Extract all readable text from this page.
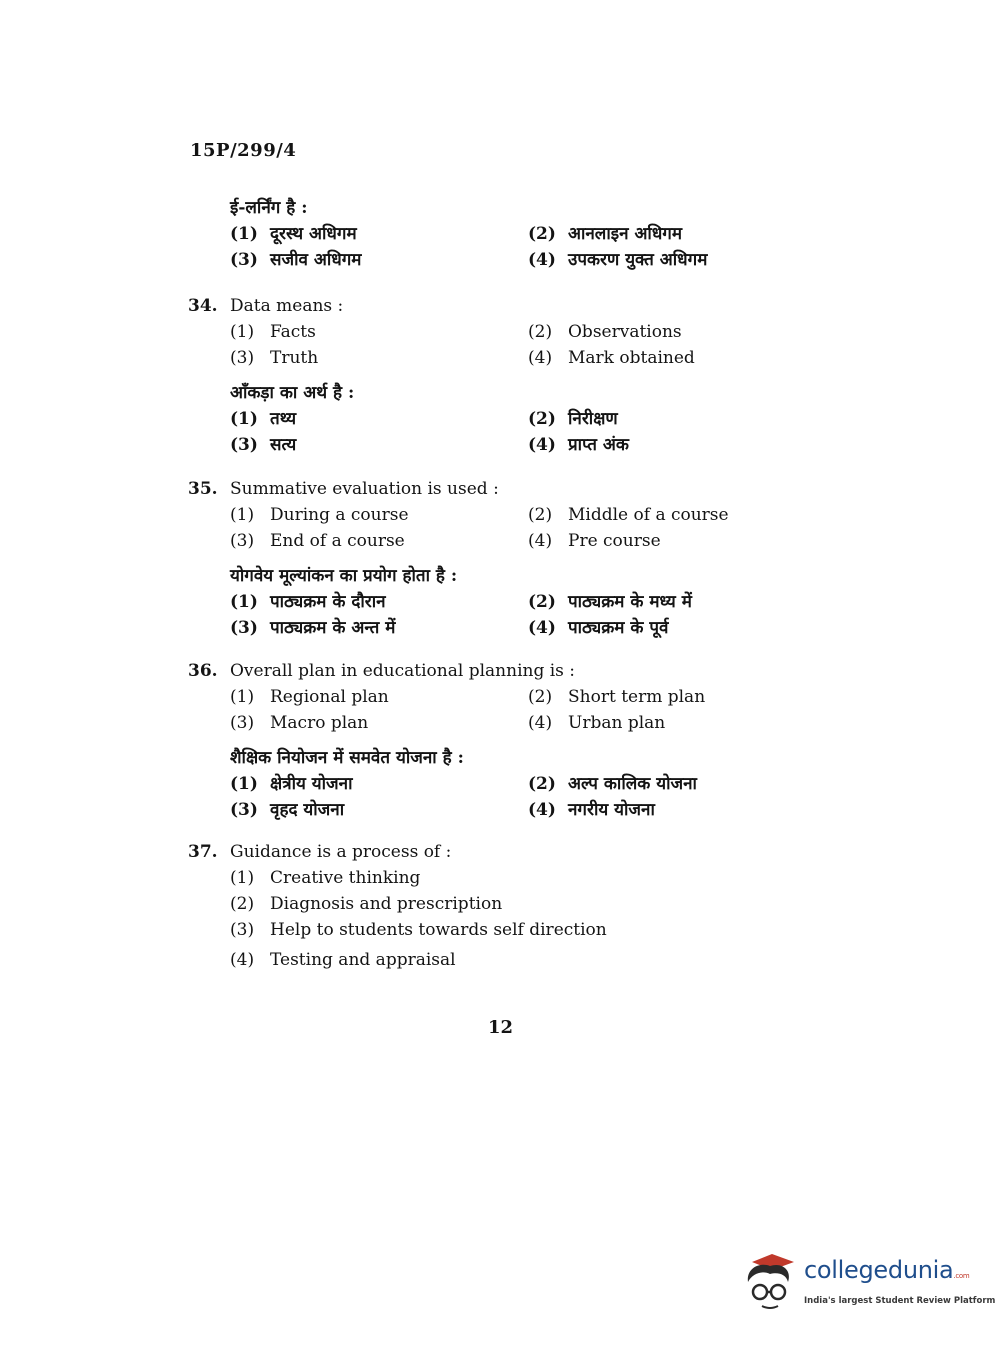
15P/299/4
ई-लर्निंग है :
(1) दूरस्थ अधिगम	(2) आनलाइन अधिगम
(3) सजीव अधिगम	(4) उपकरण युक्त अधिगम
34. Data means :
(1) Facts	(2) Observations
(3) Truth	(4) Mark obtained
आँकड़ा का अर्थ है :
(1) तथ्य	(2) निरीक्षण
(3) सत्य	(4) प्राप्त अंक
35. Summative evaluation is used :
(1) During a course	(2) Middle of a course
(3) End of a course	(4) Pre course
योगवेय मूल्यांकन का प्रयोग होता है :
(1) पाठ्यक्रम के दौरान	(2) पाठ्यक्रम के मध्य में
(3) पाठ्यक्रम के अन्त में	(4) पाठ्यक्रम के पूर्व
36. Overall plan in educational planning is :
(1) Regional plan	(2) Short term plan
(3) Macro plan	(4) Urban plan
शैक्षिक नियोजन में समवेत योजना है :
(1) क्षेत्रीय योजना	(2) अल्प कालिक योजना
(3) वृहद योजना	(4) नगरीय योजना
37. Guidance is a process of :
(1) Creative thinking
(2) Diagnosis and prescription
(3) Help to students towards self direction
(4) Testing and appraisal
12
collegedunia.com
India's largest Student Review Platform
